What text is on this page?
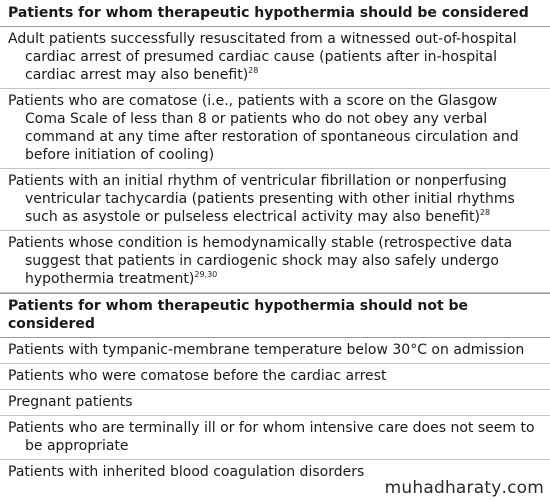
Patients for whom therapeutic hypothermia should be considered
Adult patients successfully resuscitated from a witnessed out-of-hospital cardiac arrest of presumed cardiac cause (patients after in-hospital cardiac arrest may also benefit)$^{28}$
Patients who are comatose (i.e., patients with a score on the Glasgow Coma Scale of less than 8 or patients who do not obey any verbal command at any time after restoration of spontaneous circulation and before initiation of cooling)
Patients with an initial rhythm of ventricular fibrillation or nonperfusing ventricular tachycardia (patients presenting with other initial rhythms such as asystole or pulseless electrical activity may also benefit)$^{28}$
Patients whose condition is hemodynamically stable (retrospective data suggest that patients in cardiogenic shock may also safely undergo hypothermia treatment)$^{29,30}$
Patients for whom therapeutic hypothermia should not be considered
Patients with tympanic-membrane temperature below 30°C on admission
Patients who were comatose before the cardiac arrest
Pregnant patients
Patients who are terminally ill or for whom intensive care does not seem to be appropriate
Patients with inherited blood coagulation disorders
muhadharaty . com
